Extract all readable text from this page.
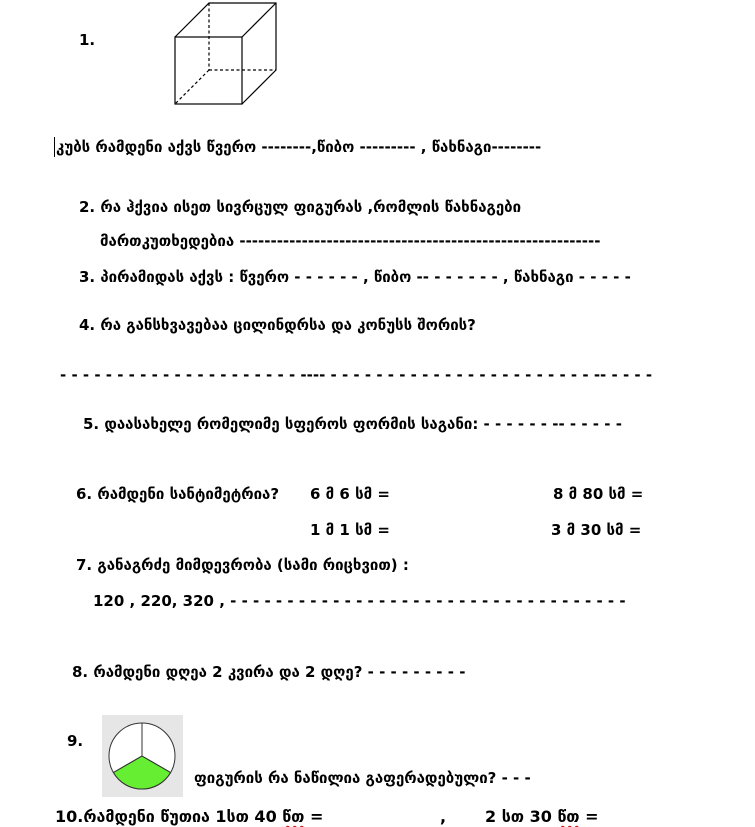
1.
კუბს რამდენი აქვს წვერო --------,წიბო --------- , წახნაგი--------
2. რა ჰქვია ისეთ სივრცულ ფიგურას ,რომლის წახნაგები
მართკუთხედებია ----------------------------------------------------------
3. პირამიდას აქვს : წვერო - - - - - - , წიბო -- - - - - - - , წახნაგი - - - - -
4. რა განსხვავებაა ცილინდრსა და კონუსს შორის?
- - - - - - - - - - - - - - - - - - - - - ---- - - - - - - - - - - - - - - - - - - - - - - - -- - - - -
5. დაასახელე რომელიმე სფეროს ფორმის საგანი: - - - - - - -- - - - - -
6. რამდენი სანტიმეტრია? 6 მ 6 სმ =
1 მ 1 სმ =
8 მ 80 სმ =
3 მ 30 სმ =
7. განაგრძე მიმდევრობა (სამი რიცხვით) :
120 , 220, 320 , - - - - - - - - - - - - - - - - - - - - - - - - - - - - - - - - - - -
8. რამდენი დღეა 2 კვირა და 2 დღე? - - - - - - - - -
9.
ფიგურის რა ნაწილია გაფერადებული? - - -
10.რამდენი წუთია 1სთ 40 წთ =	, 2 სთ 30 წთ =
